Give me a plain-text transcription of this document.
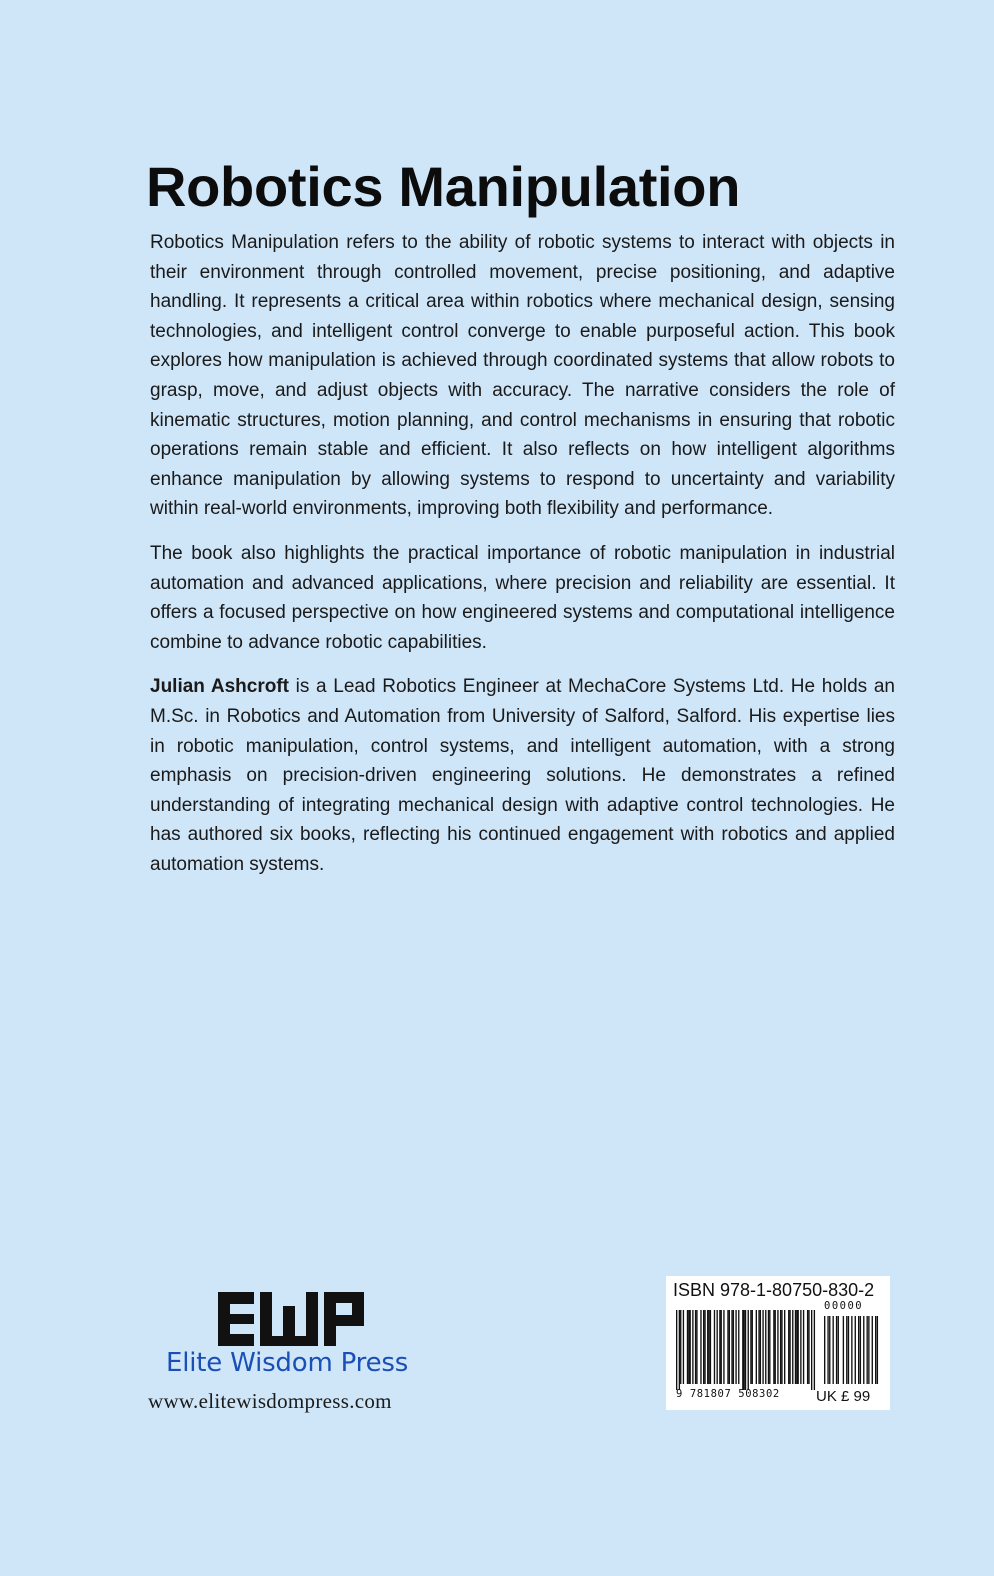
Robotics Manipulation

Robotics Manipulation refers to the ability of robotic systems to interact with objects in their environment through controlled movement, precise positioning, and adaptive handling. It represents a critical area within robotics where mechanical design, sensing technologies, and intelligent control converge to enable purposeful action. This book explores how manipulation is achieved through coordinated systems that allow robots to grasp, move, and adjust objects with accuracy. The narrative considers the role of kinematic structures, motion planning, and control mechanisms in ensuring that robotic operations remain stable and efficient. It also reflects on how intelligent algorithms enhance manipulation by allowing systems to respond to uncertainty and variability within real-world environments, improving both flexibility and performance.

The book also highlights the practical importance of robotic manipulation in industrial automation and advanced applications, where precision and reliability are essential. It offers a focused perspective on how engineered systems and computational intelligence combine to advance robotic capabilities.

Julian Ashcroft is a Lead Robotics Engineer at MechaCore Systems Ltd. He holds an M.Sc. in Robotics and Automation from University of Salford, Salford. His expertise lies in robotic manipulation, control systems, and intelligent automation, with a strong emphasis on precision-driven engineering solutions. He demonstrates a refined understanding of integrating mechanical design with adaptive control technologies. He has authored six books, reflecting his continued engagement with robotics and applied automation systems.

Elite Wisdom Press
www.elitewisdompress.com
ISBN 978-1-80750-830-2
00000
9 781807 508302 UK £ 99
